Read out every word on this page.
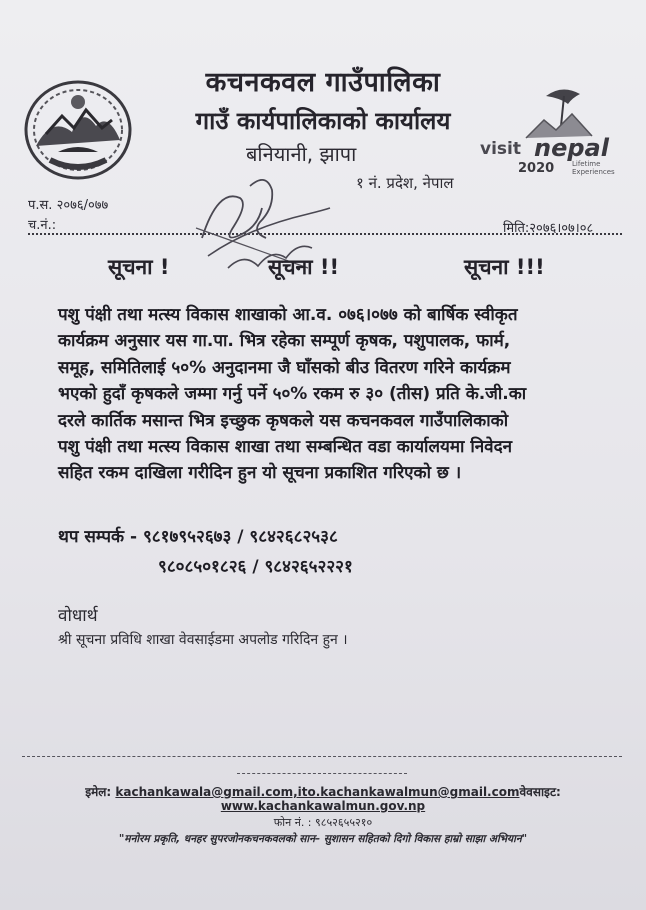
visit nepal
2020	Lifetime
Experiences
कचनकवल गाउँपालिका
गाउँ कार्यपालिकाको कार्यालय
बनियानी, झापा
१ नं. प्रदेश, नेपाल
प.स. २०७६/०७७
च.नं.:	मिति:२०७६।०७।०८
सूचना !	सूचना !!	सूचना !!!
पशु पंक्षी तथा मत्स्य विकास शाखाको आ.व. ०७६।०७७ को बार्षिक स्वीकृत
कार्यक्रम अनुसार यस गा.पा. भित्र रहेका सम्पूर्ण कृषक, पशुपालक, फार्म,
समूह, समितिलाई ५०% अनुदानमा जै घाँसको बीउ वितरण गरिने कार्यक्रम
भएको हुदाँ कृषकले जम्मा गर्नु पर्ने ५०% रकम रु ३० (तीस) प्रति के.जी.का
दरले कार्तिक मसान्त भित्र इच्छुक कृषकले यस कचनकवल गाउँपालिकाको
पशु पंक्षी तथा मत्स्य विकास शाखा तथा सम्बन्धित वडा कार्यालयमा निवेदन
सहित रकम दाखिला गरीदिन हुन यो सूचना प्रकाशित गरिएको छ ।
थप सम्पर्क - ९८१७९५२६७३ / ९८४२६८२५३८
९८०८५०१८२६ / ९८४२६५२२२१
वोधार्थ
श्री सूचना प्रविधि शाखा वेवसाईडमा अपलोड गरिदिन हुन ।
इमेल: kachankawala@gmail.com,ito.kachankawalmun@gmail.comवेवसाइट:
www.kachankawalmun.gov.np
फोन नं. : ९८५२६५५२१०
"मनोरम प्रकृति, धनहर सुपरजोनकचनकवलको सान– सुशासन सहितको दिगो विकास हाम्रो साझा अभियान"
